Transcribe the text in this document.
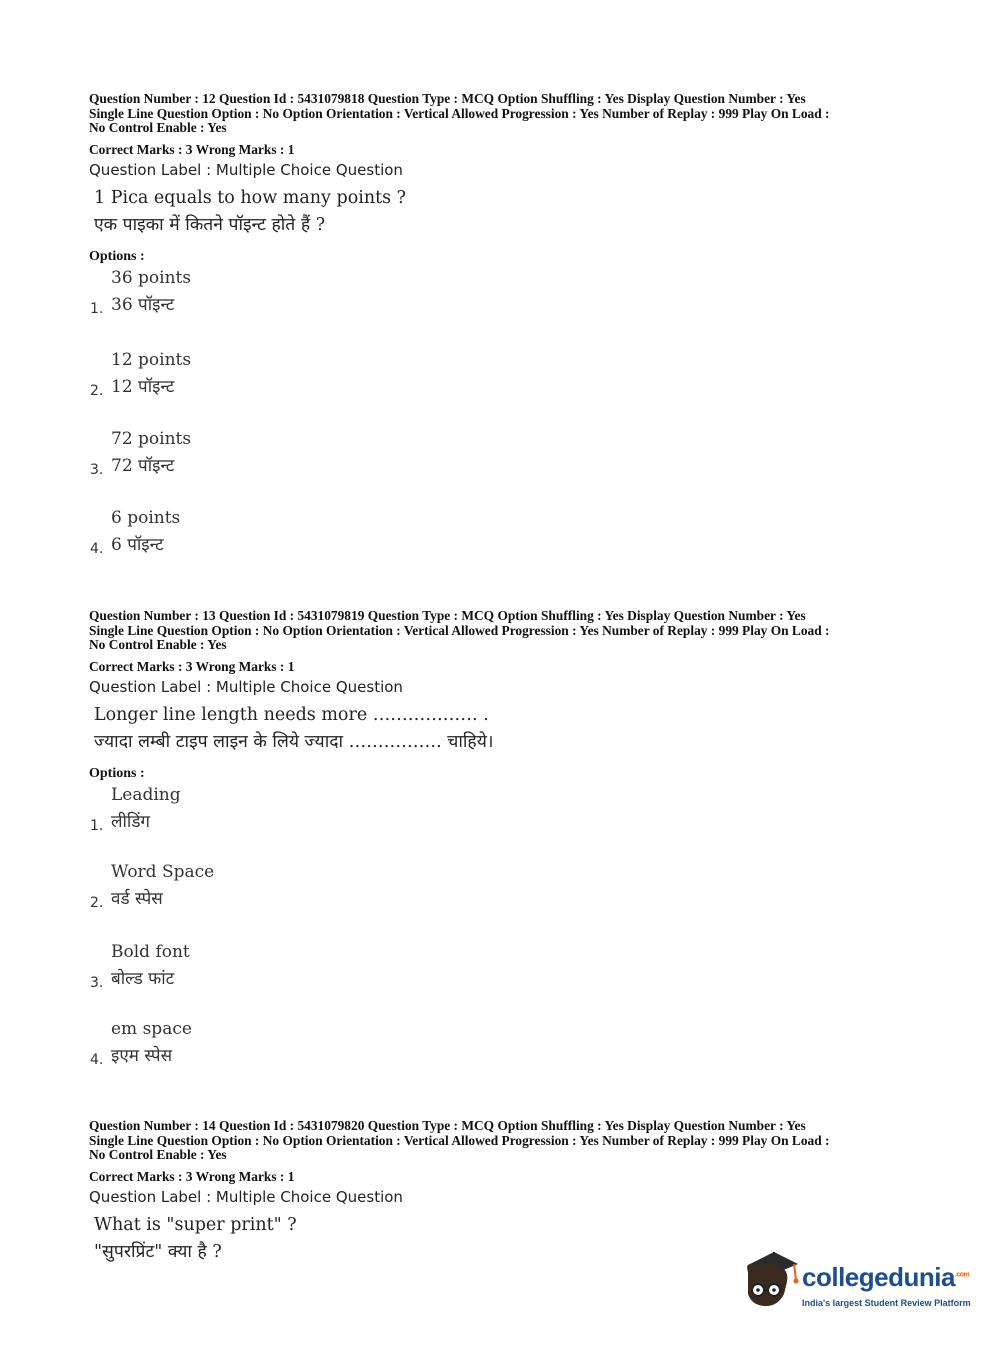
Question Number : 12 Question Id : 5431079818 Question Type : MCQ Option Shuffling : Yes Display Question Number : Yes

Single Line Question Option : No Option Orientation : Vertical Allowed Progression : Yes Number of Replay : 999 Play On Load :

No Control Enable : Yes

Correct Marks : 3 Wrong Marks : 1
Question Label : Multiple Choice Question
1 Pica equals to how many points ?
एक पाइका में कितने पॉइन्ट होते हैं ?
Options :
1.
36 points
36 पॉइन्ट
2.
12 points
12 पॉइन्ट
3.
72 points
72 पॉइन्ट
4.
6 points
6 पॉइन्ट

Question Number : 13 Question Id : 5431079819 Question Type : MCQ Option Shuffling : Yes Display Question Number : Yes

Single Line Question Option : No Option Orientation : Vertical Allowed Progression : Yes Number of Replay : 999 Play On Load :

No Control Enable : Yes

Correct Marks : 3 Wrong Marks : 1
Question Label : Multiple Choice Question
Longer line length needs more ……………… .
ज्यादा लम्बी टाइप लाइन के लिये ज्यादा ……………. चाहिये।
Options :
1.
Leading
लीडिंग
2.
Word Space
वर्ड स्पेस
3.
Bold font
बोल्ड फांट
4.
em space
इएम स्पेस

Question Number : 14 Question Id : 5431079820 Question Type : MCQ Option Shuffling : Yes Display Question Number : Yes

Single Line Question Option : No Option Orientation : Vertical Allowed Progression : Yes Number of Replay : 999 Play On Load :

No Control Enable : Yes

Correct Marks : 3 Wrong Marks : 1
Question Label : Multiple Choice Question
What is "super print" ?
"सुपरप्रिंट" क्या है ?
collegedunia$^{.com}$
India's largest Student Review Platform
